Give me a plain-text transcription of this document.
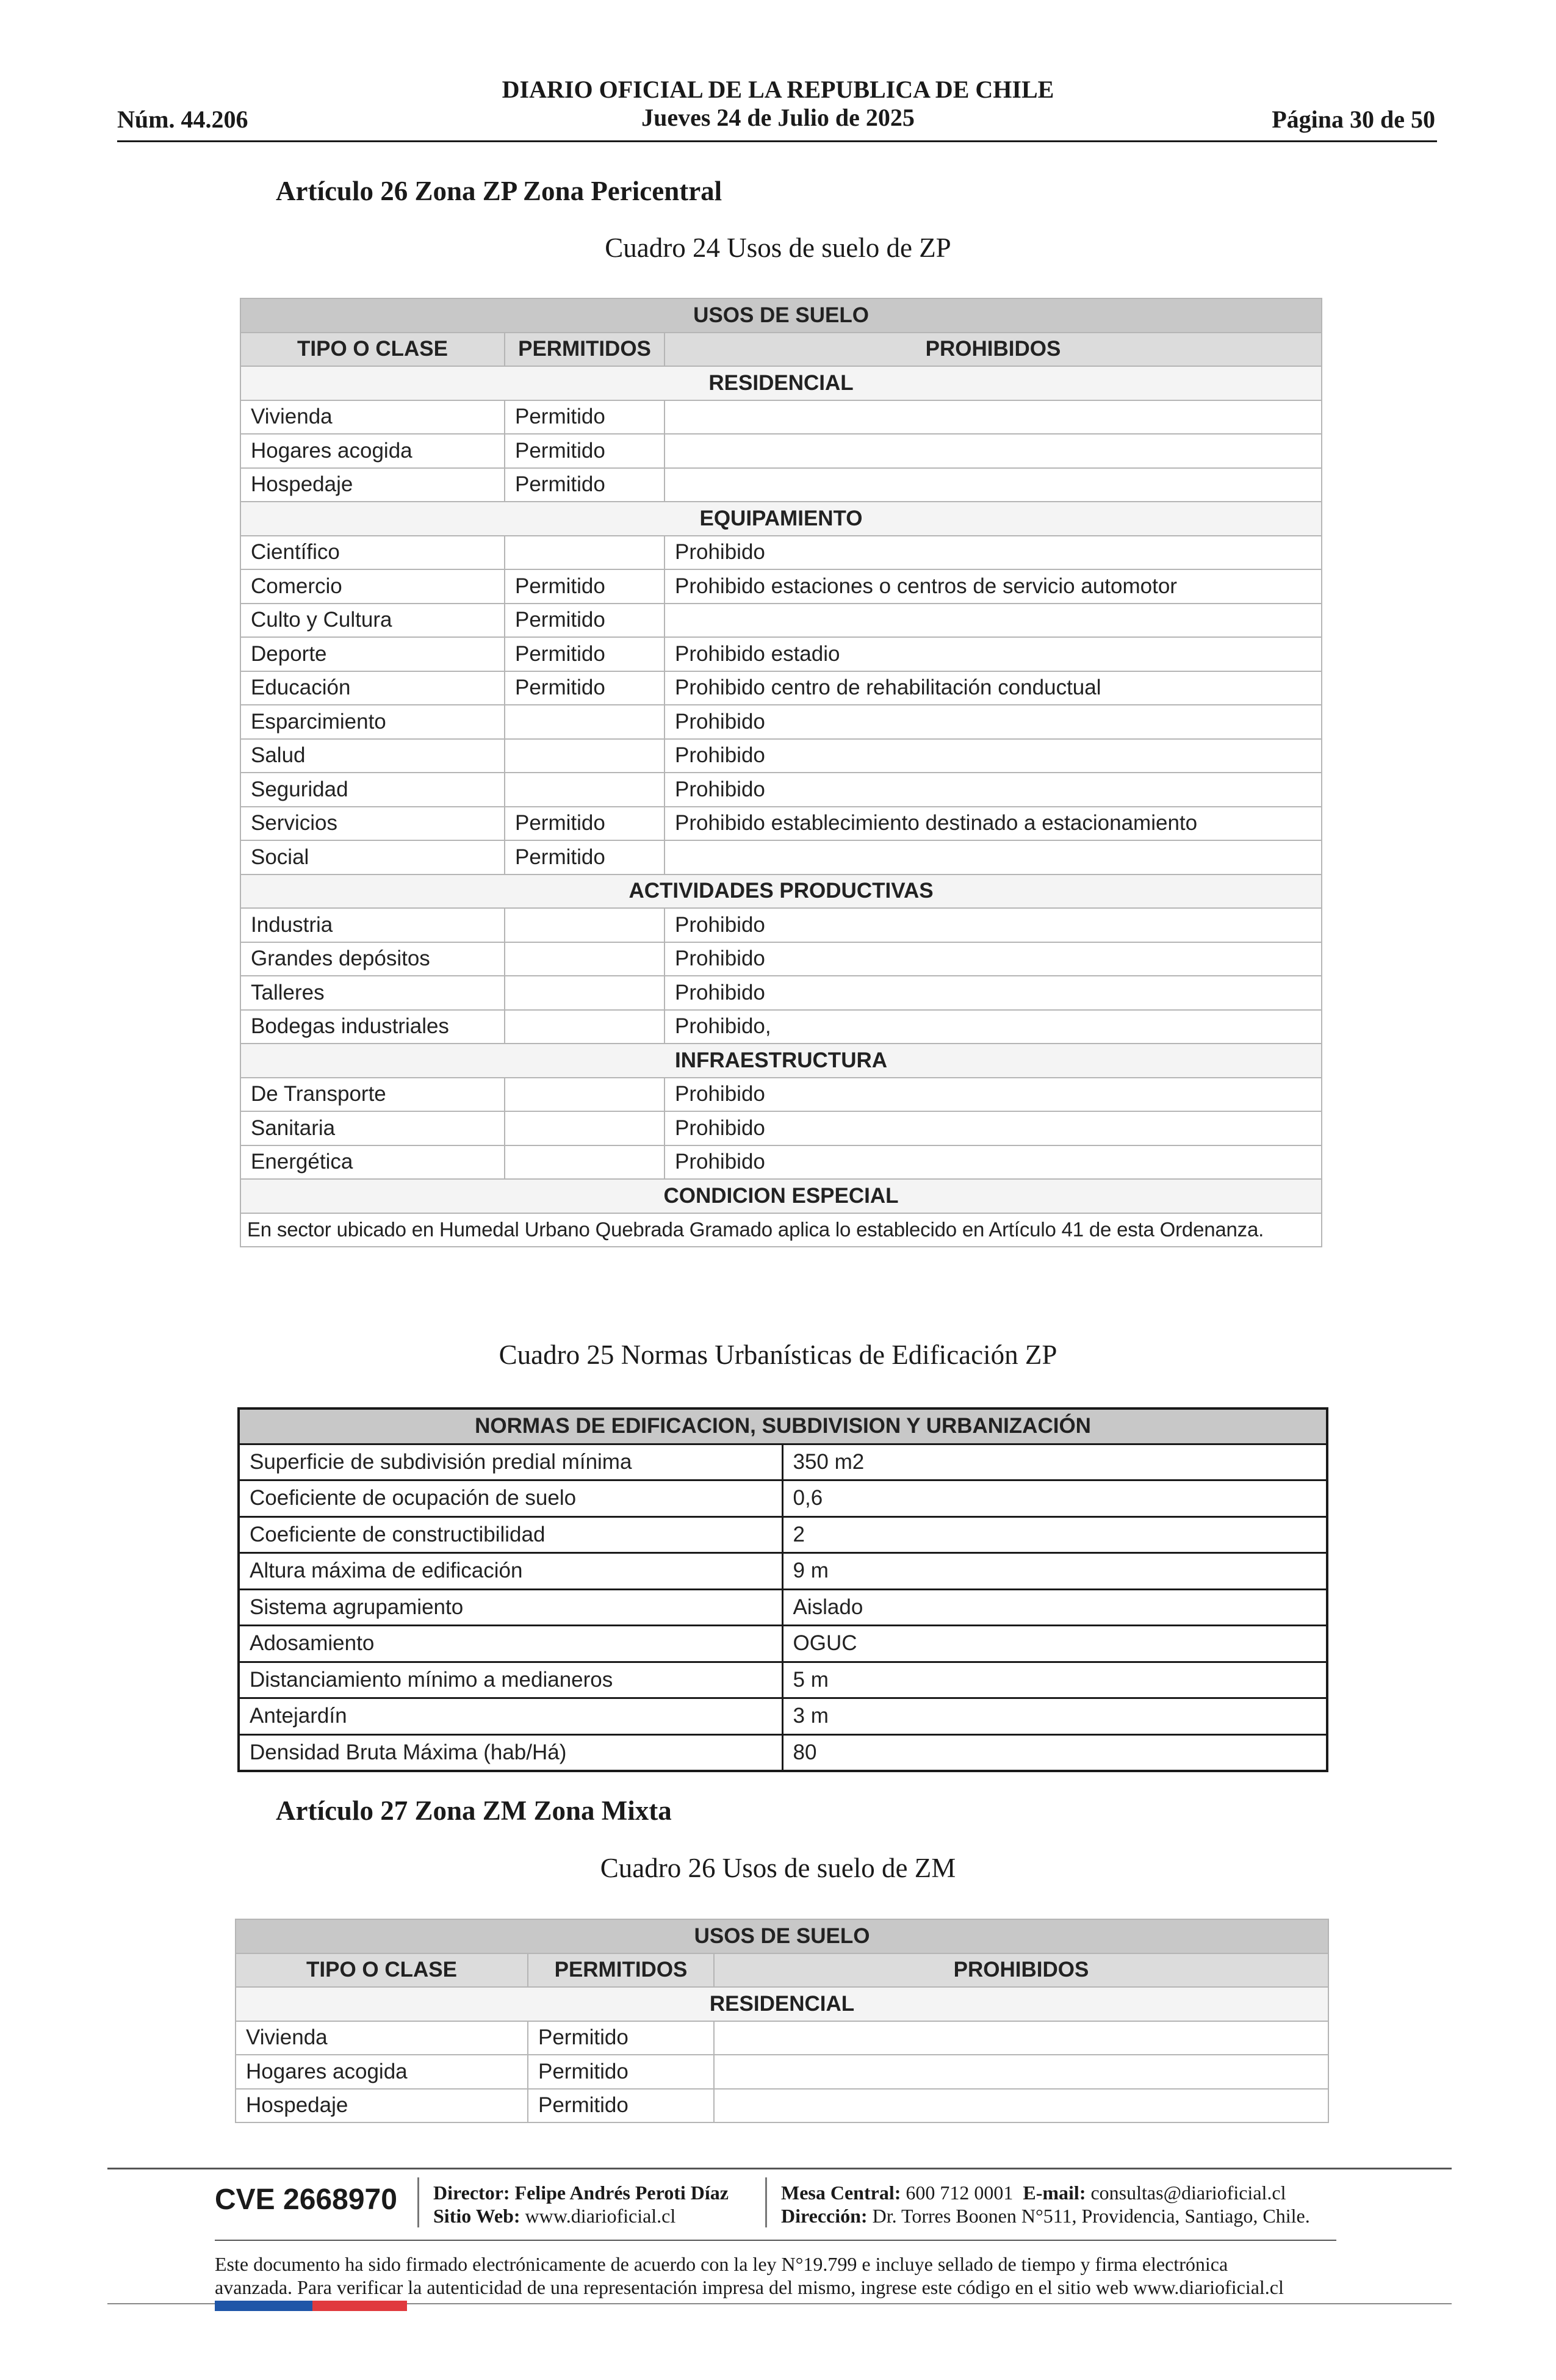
DIARIO OFICIAL DE LA REPUBLICA DE CHILE
Jueves 24 de Julio de 2025
Núm. 44.206	Página 30 de 50
Artículo 26 Zona ZP Zona Pericentral
Cuadro 24 Usos de suelo de ZP
USOS DE SUELO		
TIPO O CLASE	PERMITIDOS	PROHIBIDOS
RESIDENCIAL		
Vivienda	Permitido	
Hogares acogida	Permitido	
Hospedaje	Permitido	
EQUIPAMIENTO		
Científico		Prohibido
Comercio	Permitido	Prohibido estaciones o centros de servicio automotor
Culto y Cultura	Permitido	
Deporte	Permitido	Prohibido estadio
Educación	Permitido	Prohibido centro de rehabilitación conductual
Esparcimiento		Prohibido
Salud		Prohibido
Seguridad		Prohibido
Servicios	Permitido	Prohibido establecimiento destinado a estacionamiento
Social	Permitido	
ACTIVIDADES PRODUCTIVAS		
Industria		Prohibido
Grandes depósitos		Prohibido
Talleres		Prohibido
Bodegas industriales		Prohibido,
INFRAESTRUCTURA		
De Transporte		Prohibido
Sanitaria		Prohibido
Energética		Prohibido
CONDICION ESPECIAL		
En sector ubicado en Humedal Urbano Quebrada Gramado aplica lo establecido en Artículo 41 de esta Ordenanza.		
Cuadro 25 Normas Urbanísticas de Edificación ZP
NORMAS DE EDIFICACION, SUBDIVISION Y URBANIZACIÓN	
Superficie de subdivisión predial mínima	350 m2
Coeficiente de ocupación de suelo	0,6
Coeficiente de constructibilidad	2
Altura máxima de edificación	9 m
Sistema agrupamiento	Aislado
Adosamiento	OGUC
Distanciamiento mínimo a medianeros	5 m
Antejardín	3 m
Densidad Bruta Máxima (hab/Há)	80
Artículo 27 Zona ZM Zona Mixta
Cuadro 26 Usos de suelo de ZM
USOS DE SUELO		
TIPO O CLASE	PERMITIDOS	PROHIBIDOS
RESIDENCIAL		
Vivienda	Permitido	
Hogares acogida	Permitido	
Hospedaje	Permitido	
CVE 2668970 Director: Felipe Andrés Peroti Díaz
Sitio Web: www.diarioficial.cl
Mesa Central: 600 712 0001 E-mail: consultas@diarioficial.cl
Dirección: Dr. Torres Boonen N°511, Providencia, Santiago, Chile.
Este documento ha sido firmado electrónicamente de acuerdo con la ley N°19.799 e incluye sellado de tiempo y firma electrónica
avanzada. Para verificar la autenticidad de una representación impresa del mismo, ingrese este código en el sitio web www.diarioficial.cl
